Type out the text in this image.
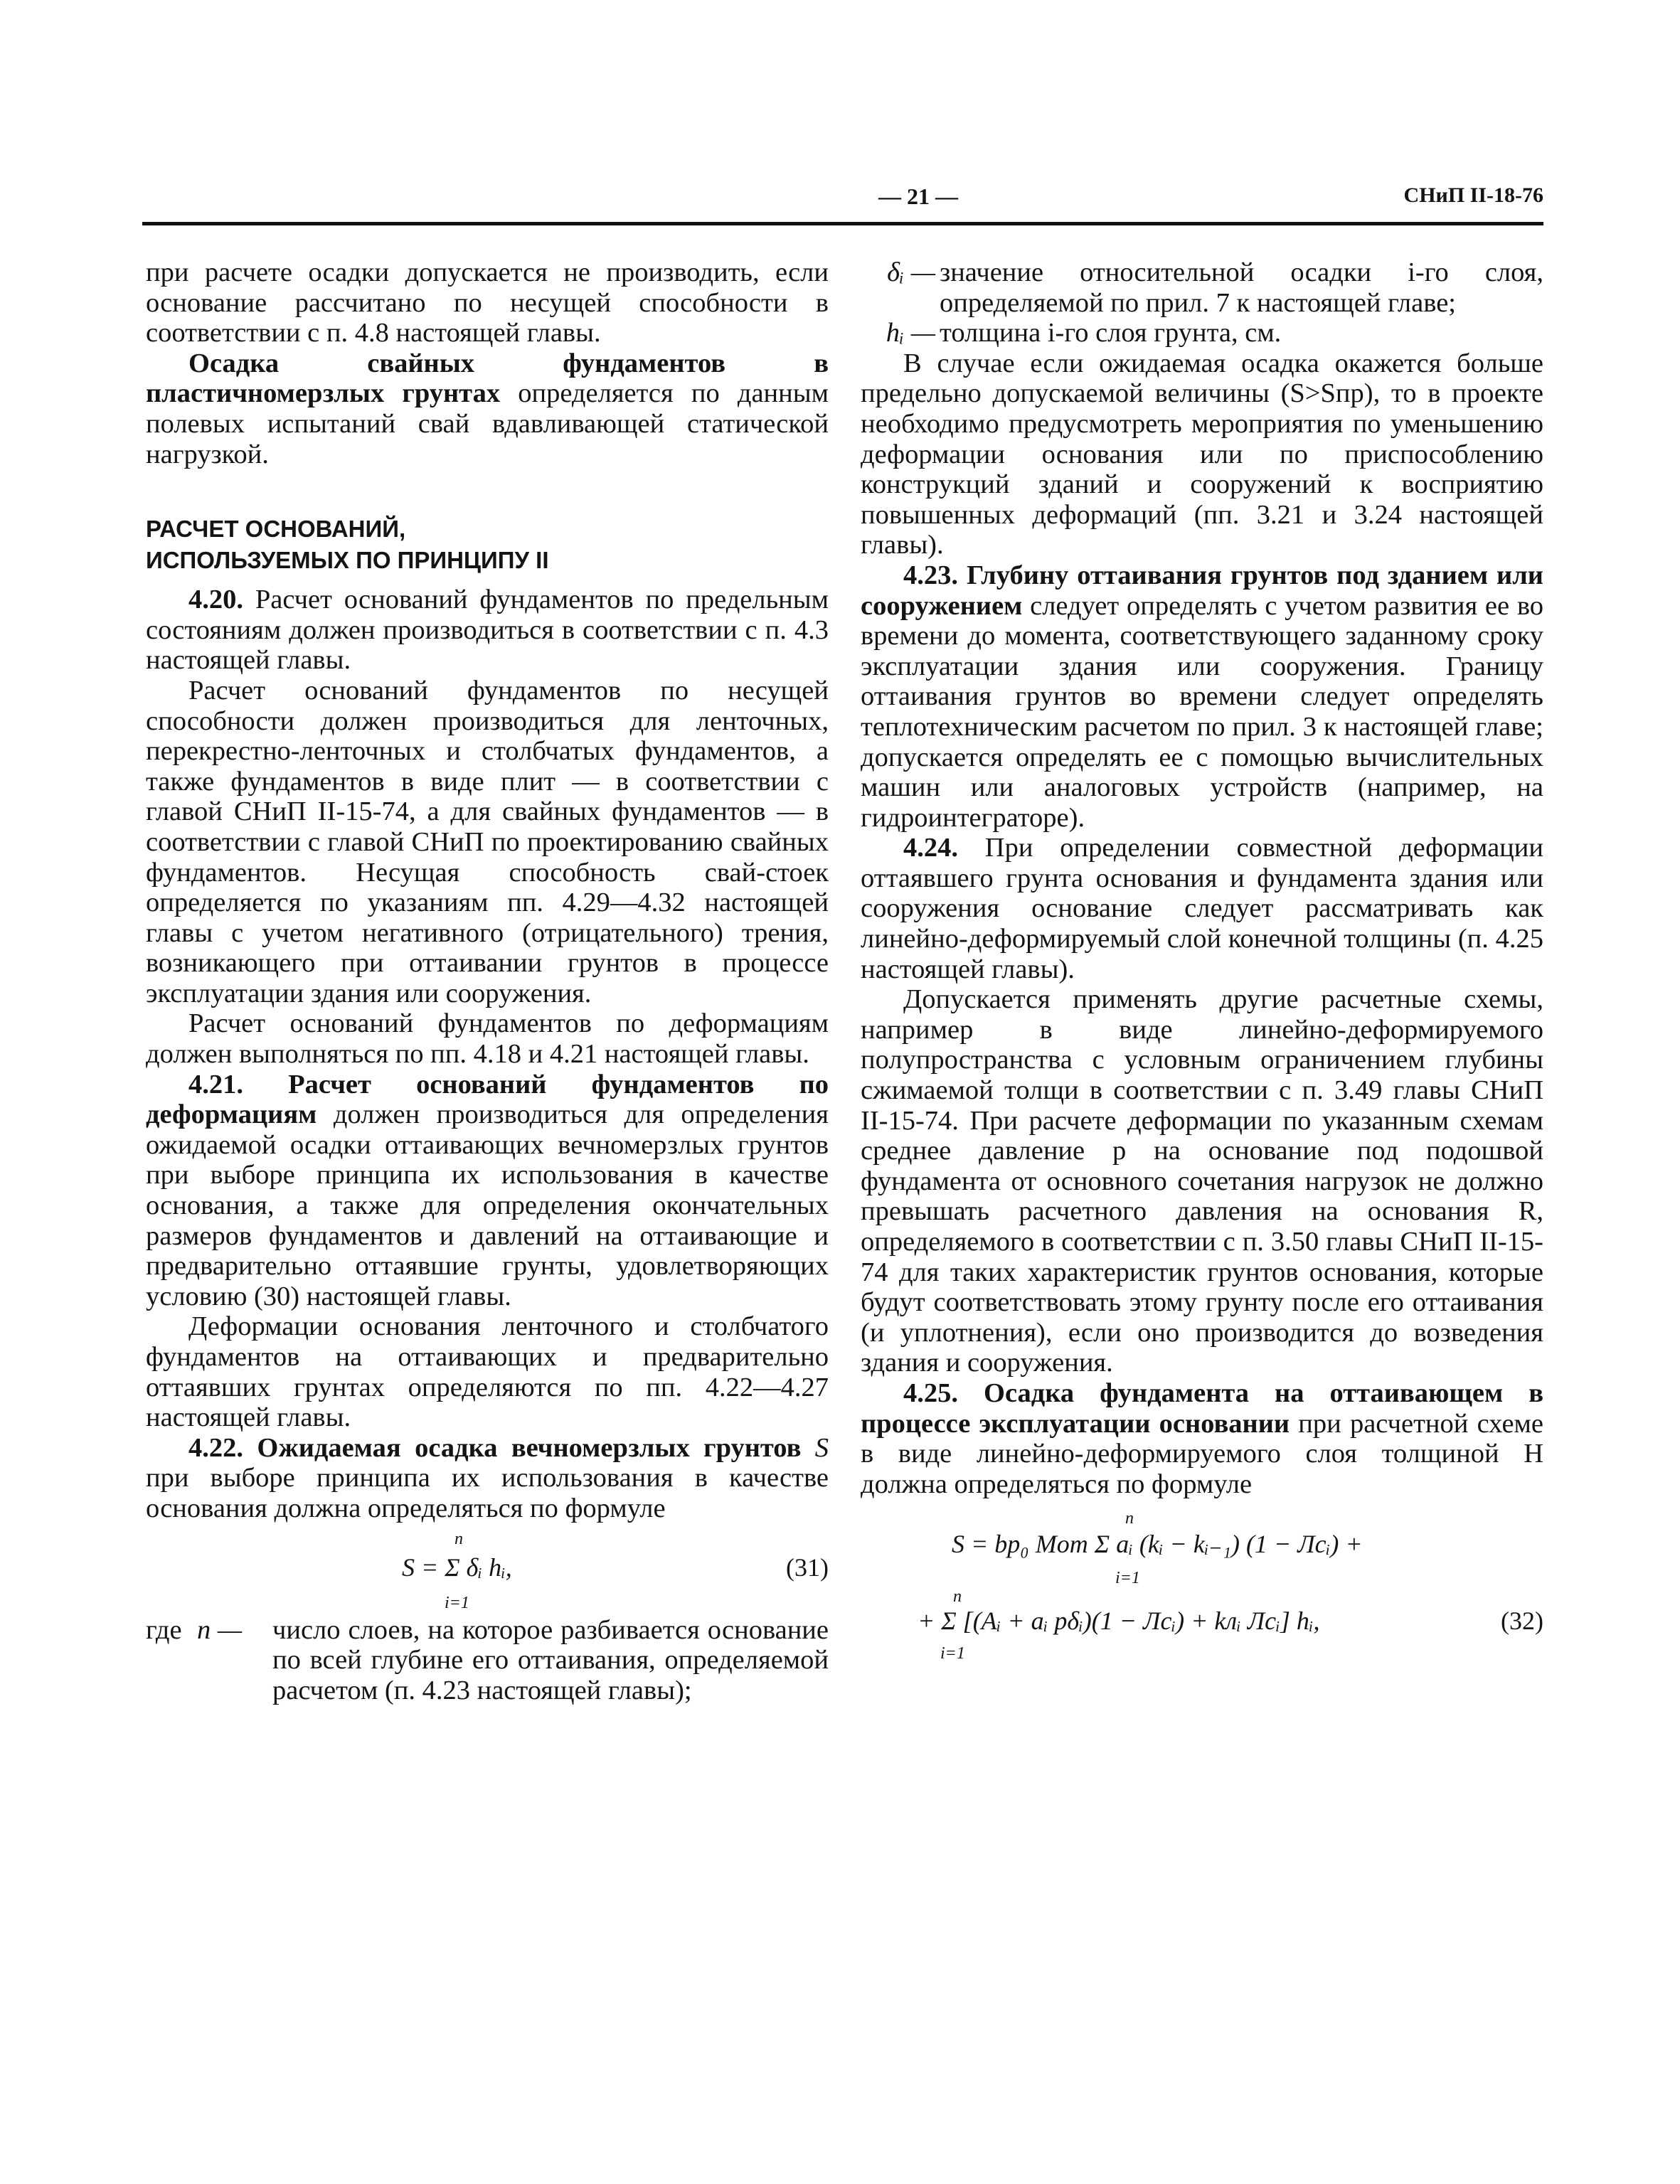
— 21 —	СНиП II-18-76

при расчете осадки допускается не производить, если основание рассчитано по несущей способности в соответствии с п. 4.8 настоящей главы.

Осадка свайных фундаментов в пластичномерзлых грунтах определяется по данным полевых испытаний свай вдавливающей статической нагрузкой.

РАСЧЕТ ОСНОВАНИЙ,
ИСПОЛЬЗУЕМЫХ ПО ПРИНЦИПУ II

4.20. Расчет оснований фундаментов по предельным состояниям должен производиться в соответствии с п. 4.3 настоящей главы.

Расчет оснований фундаментов по несущей способности должен производиться для ленточных, перекрестно-ленточных и столбчатых фундаментов, а также фундаментов в виде плит — в соответствии с главой СНиП II-15-74, а для свайных фундаментов — в соответствии с главой СНиП по проектированию свайных фундаментов. Несущая способность свай-стоек определяется по указаниям пп. 4.29—4.32 настоящей главы с учетом негативного (отрицательного) трения, возникающего при оттаивании грунтов в процессе эксплуатации здания или сооружения.

Расчет оснований фундаментов по деформациям должен выполняться по пп. 4.18 и 4.21 настоящей главы.

4.21. Расчет оснований фундаментов по деформациям должен производиться для определения ожидаемой осадки оттаивающих вечномерзлых грунтов при выборе принципа их использования в качестве основания, а также для определения окончательных размеров фундаментов и давлений на оттаивающие и предварительно оттаявшие грунты, удовлетворяющих условию (30) настоящей главы.

Деформации основания ленточного и столбчатого фундаментов на оттаивающих и предварительно оттаявших грунтах определяются по пп. 4.22—4.27 настоящей главы.

4.22. Ожидаемая осадка вечномерзлых грунтов S при выборе принципа их использования в качестве основания должна определяться по формуле

n
S = Σ δᵢ hᵢ,
i=1
(31)
где n —	число слоев, на которое разбивается основание по всей глубине его оттаивания, определяемой расчетом (п. 4.23 настоящей главы);
δᵢ — значение относительной осадки i-го слоя, определяемой по прил. 7 к настоящей главе;
hᵢ — толщина i-го слоя грунта, см.

В случае если ожидаемая осадка окажется больше предельно допускаемой величины (S>Sпр), то в проекте необходимо предусмотреть мероприятия по уменьшению деформации основания или по приспособлению конструкций зданий и сооружений к восприятию повышенных деформаций (пп. 3.21 и 3.24 настоящей главы).

4.23. Глубину оттаивания грунтов под зданием или сооружением следует определять с учетом развития ее во времени до момента, соответствующего заданному сроку эксплуатации здания или сооружения. Границу оттаивания грунтов во времени следует определять теплотехническим расчетом по прил. 3 к настоящей главе; допускается определять ее с помощью вычислительных машин или аналоговых устройств (например, на гидроинтеграторе).

4.24. При определении совместной деформации оттаявшего грунта основания и фундамента здания или сооружения основание следует рассматривать как линейно-деформируемый слой конечной толщины (п. 4.25 настоящей главы).

Допускается применять другие расчетные схемы, например в виде линейно-деформируемого полупространства с условным ограничением глубины сжимаемой толщи в соответствии с п. 3.49 главы СНиП II-15-74. При расчете деформации по указанным схемам среднее давление p на основание под подошвой фундамента от основного сочетания нагрузок не должно превышать расчетного давления на основания R, определяемого в соответствии с п. 3.50 главы СНиП II-15-74 для таких характеристик грунтов основания, которые будут соответствовать этому грунту после его оттаивания (и уплотнения), если оно производится до возведения здания и сооружения.

4.25. Осадка фундамента на оттаивающем в процессе эксплуатации основании при расчетной схеме в виде линейно-деформируемого слоя толщиной H должна определяться по формуле

n
S = bp₀ Mот Σ aᵢ (kᵢ − kᵢ₋₁) (1 − Лcᵢ) +
i=1
n
+ Σ [(Aᵢ + aᵢ pδᵢ)(1 − Лcᵢ) + kлᵢ Лcᵢ] hᵢ,
i=1
(32)
